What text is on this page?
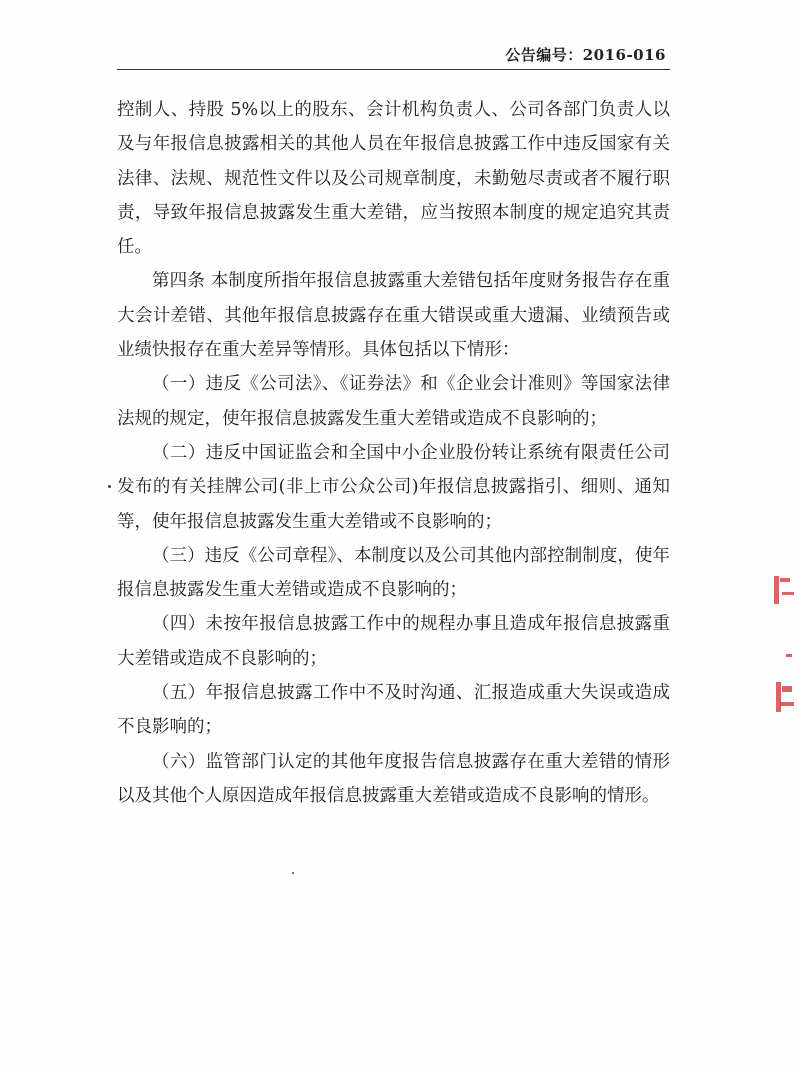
公告编号：2016-016

控制人、持股 5%以上的股东、会计机构负责人、公司各部门负责人以及与年报信息披露相关的其他人员在年报信息披露工作中违反国家有关法律、法规、规范性文件以及公司规章制度，未勤勉尽责或者不履行职责，导致年报信息披露发生重大差错，应当按照本制度的规定追究其责任。

第四条 本制度所指年报信息披露重大差错包括年度财务报告存在重大会计差错、其他年报信息披露存在重大错误或重大遗漏、业绩预告或业绩快报存在重大差异等情形。具体包括以下情形：

（一）违反《公司法》、《证券法》和《企业会计准则》等国家法律法规的规定，使年报信息披露发生重大差错或造成不良影响的；

（二）违反中国证监会和全国中小企业股份转让系统有限责任公司发布的有关挂牌公司(非上市公众公司)年报信息披露指引、细则、通知等，使年报信息披露发生重大差错或不良影响的；

（三）违反《公司章程》、本制度以及公司其他内部控制制度，使年报信息披露发生重大差错或造成不良影响的；

（四）未按年报信息披露工作中的规程办事且造成年报信息披露重大差错或造成不良影响的；

（五）年报信息披露工作中不及时沟通、汇报造成重大失误或造成不良影响的；

（六）监管部门认定的其他年度报告信息披露存在重大差错的情形以及其他个人原因造成年报信息披露重大差错或造成不良影响的情形。
